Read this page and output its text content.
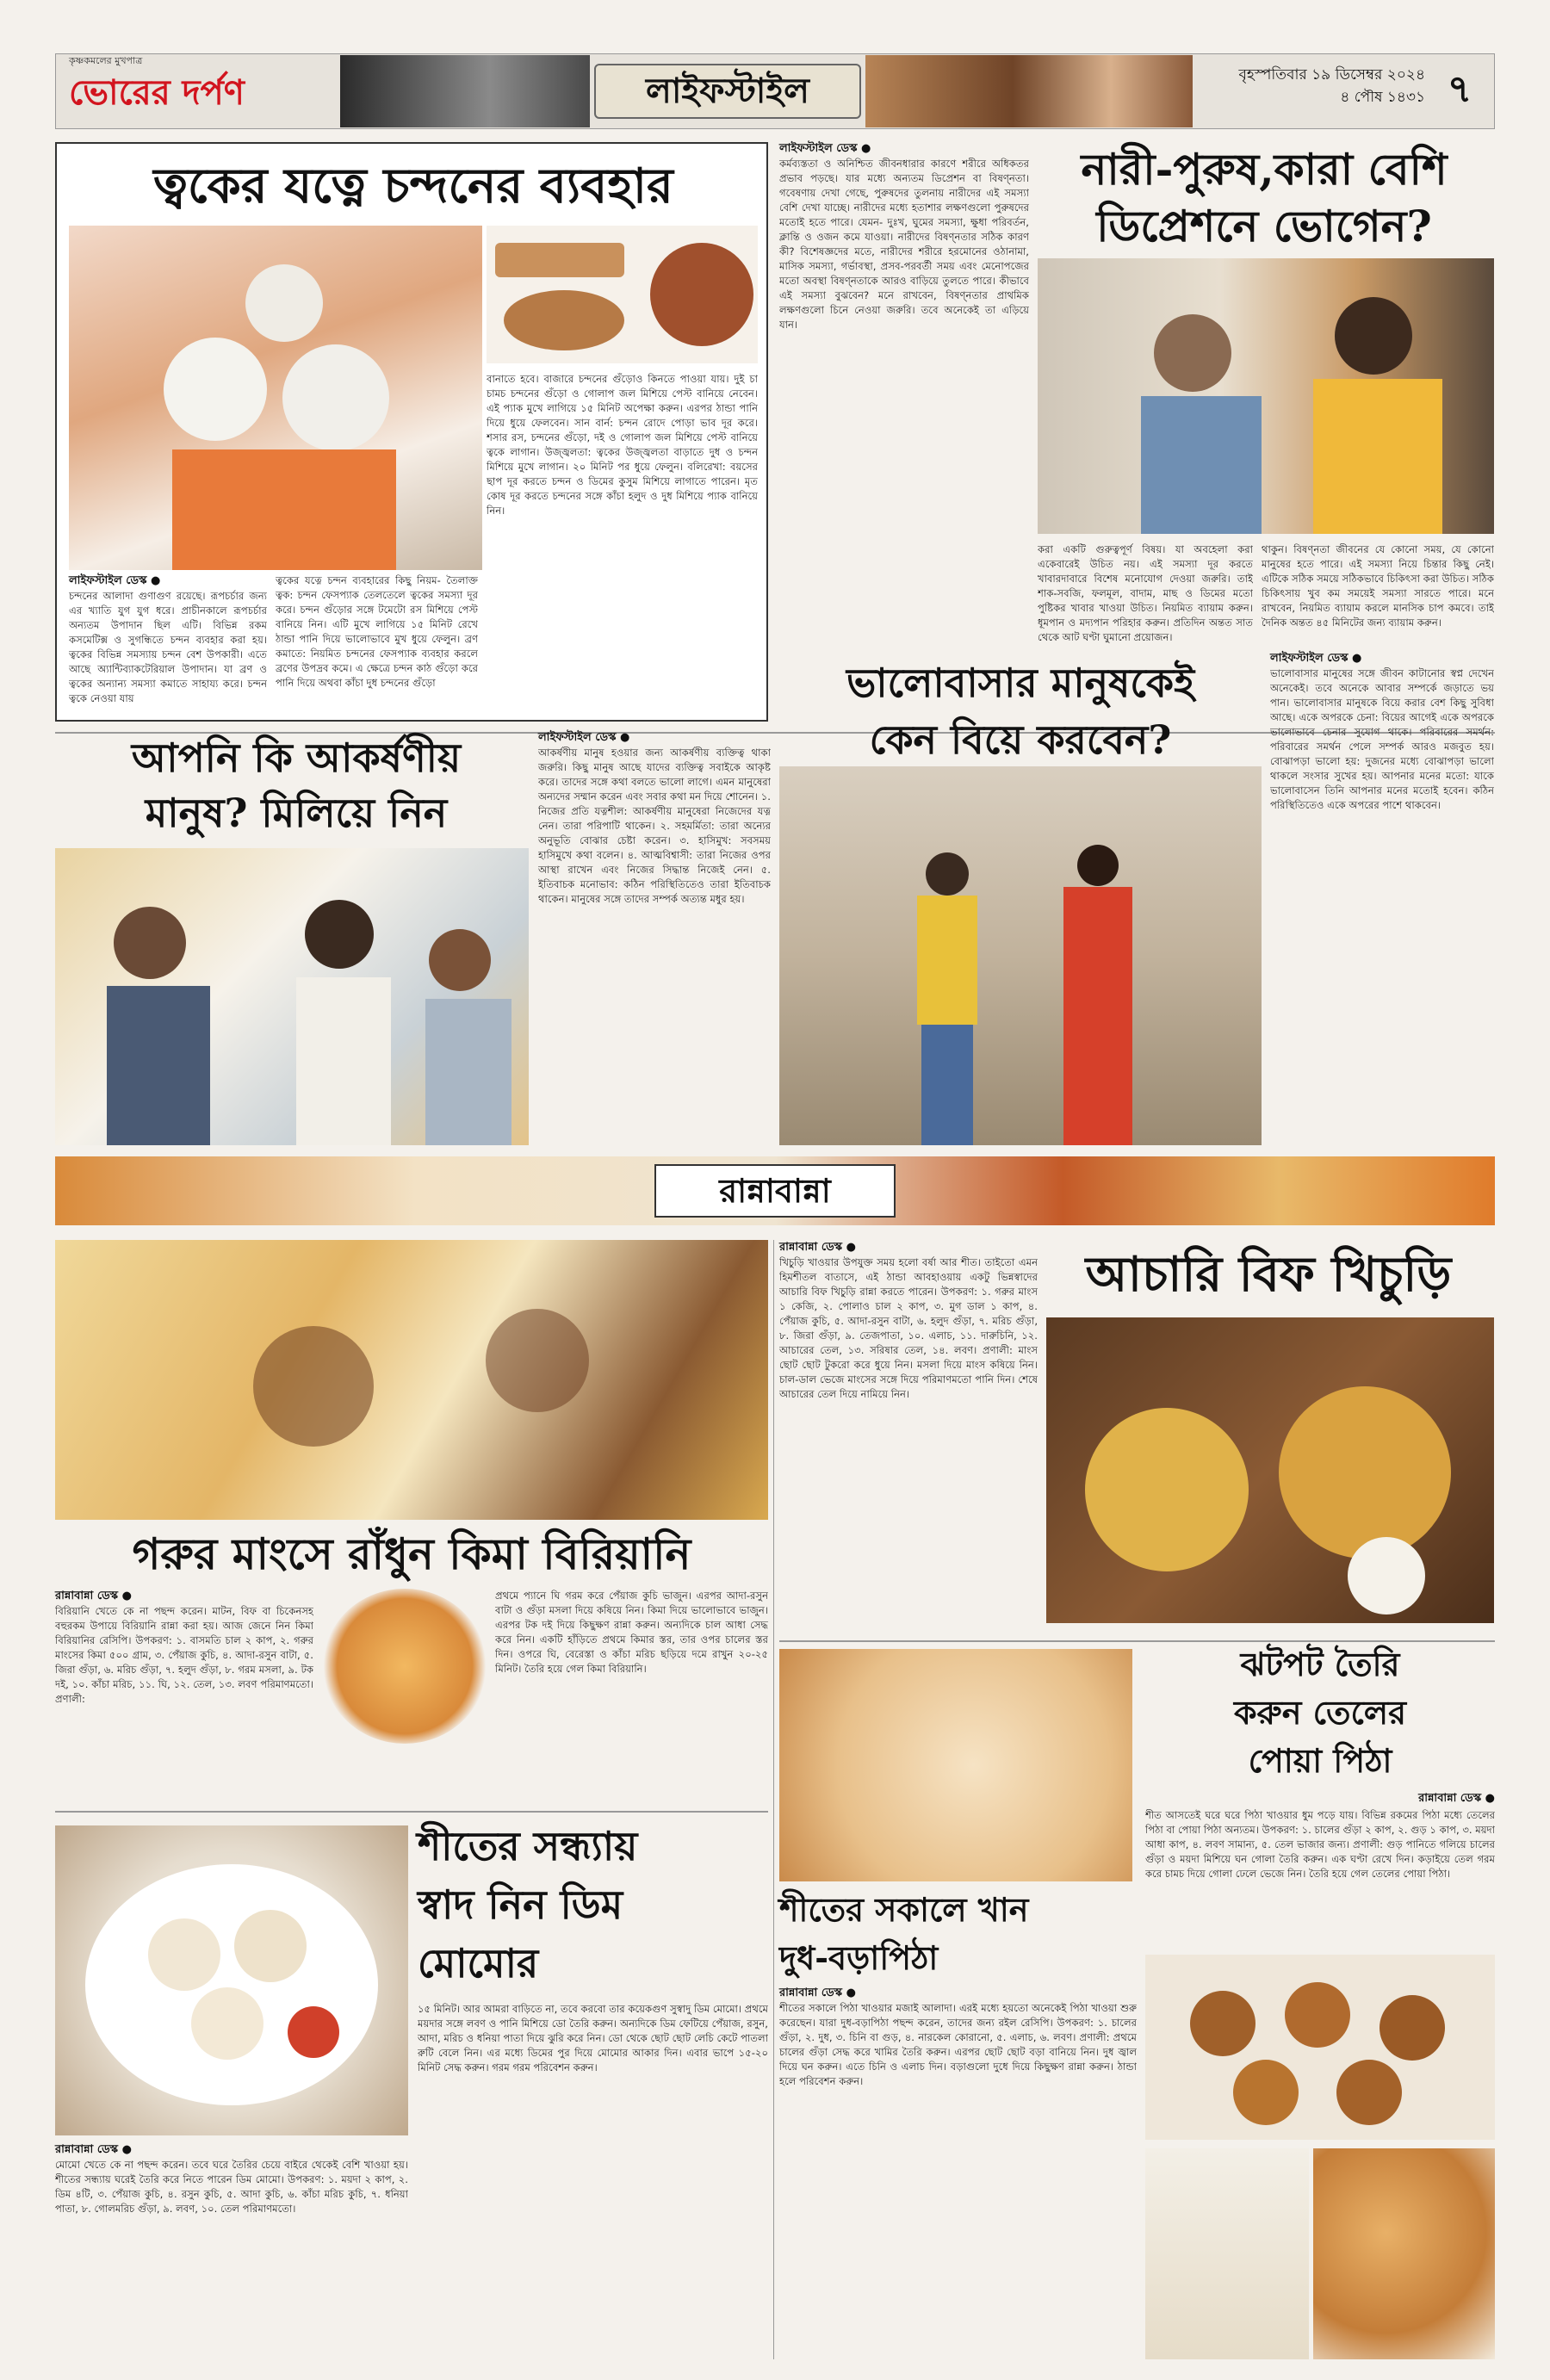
কৃষ্ণকমলের মুখপাত্র
ভোরের দর্পণ	লাইফস্টাইল	বৃহস্পতিবার ১৯ ডিসেম্বর ২০২৪
৪ পৌষ ১৪৩১ ৭
ত্বকের যত্নে চন্দনের ব্যবহার
বানাতে হবে। বাজারে চন্দনের গুঁড়োও কিনতে পাওয়া যায়। দুই চা চামচ চন্দনের গুঁড়ো ও গোলাপ জল মিশিয়ে পেস্ট বানিয়ে নেবেন। এই প্যাক মুখে লাগিয়ে ১৫ মিনিট অপেক্ষা করুন। এরপর ঠান্ডা পানি দিয়ে ধুয়ে ফেলবেন। সান বার্ন: চন্দন রোদে পোড়া ভাব দূর করে। শসার রস, চন্দনের গুঁড়ো, দই ও গোলাপ জল মিশিয়ে পেস্ট বানিয়ে ত্বকে লাগান। উজ্জ্বলতা: ত্বকের উজ্জ্বলতা বাড়াতে দুধ ও চন্দন মিশিয়ে মুখে লাগান। ২০ মিনিট পর ধুয়ে ফেলুন। বলিরেখা: বয়সের ছাপ দূর করতে চন্দন ও ডিমের কুসুম মিশিয়ে লাগাতে পারেন। মৃত কোষ দূর করতে চন্দনের সঙ্গে কাঁচা হলুদ ও দুধ মিশিয়ে প্যাক বানিয়ে নিন।
লাইফস্টাইল ডেস্ক ●
চন্দনের আলাদা গুণাগুণ রয়েছে। রূপচর্চার জন্য এর খ্যাতি যুগ যুগ ধরে। প্রাচীনকালে রূপচর্চার অন্যতম উপাদান ছিল এটি। বিভিন্ন রকম কসমেটিক্স ও সুগন্ধিতে চন্দন ব্যবহার করা হয়। ত্বকের বিভিন্ন সমস্যায় চন্দন বেশ উপকারী। এতে আছে অ্যান্টিব্যাকটেরিয়াল উপাদান। যা ব্রণ ও ত্বকের অন্যান্য সমস্যা কমাতে সাহায্য করে। চন্দন ত্বকে নেওয়া যায়
ত্বকের যত্নে চন্দন ব্যবহারের কিছু নিয়ম- তৈলাক্ত ত্বক: চন্দন ফেসপ্যাক তেলতেলে ত্বকের সমস্যা দূর করে। চন্দন গুঁড়োর সঙ্গে টমেটো রস মিশিয়ে পেস্ট বানিয়ে নিন। এটি মুখে লাগিয়ে ১৫ মিনিট রেখে ঠান্ডা পানি দিয়ে ভালোভাবে মুখ ধুয়ে ফেলুন। ব্রণ কমাতে: নিয়মিত চন্দনের ফেসপ্যাক ব্যবহার করলে ব্রণের উপদ্রব কমে। এ ক্ষেত্রে চন্দন কাঠ গুঁড়ো করে পানি দিয়ে অথবা কাঁচা দুধ চন্দনের গুঁড়ো
নারী-পুরুষ,কারা বেশি
ডিপ্রেশনে ভোগেন?
লাইফস্টাইল ডেস্ক ●
কর্মব্যস্ততা ও অনিশ্চিত জীবনধারার কারণে শরীরে অধিকতর প্রভাব পড়ছে। যার মধ্যে অন্যতম ডিপ্রেশন বা বিষণ্নতা। গবেষণায় দেখা গেছে, পুরুষদের তুলনায় নারীদের এই সমস্যা বেশি দেখা যাচ্ছে। নারীদের মধ্যে হতাশার লক্ষণগুলো পুরুষদের মতোই হতে পারে। যেমন- দুঃখ, ঘুমের সমস্যা, ক্ষুধা পরিবর্তন, ক্লান্তি ও ওজন কমে যাওয়া। নারীদের বিষণ্নতার সঠিক কারণ কী? বিশেষজ্ঞদের মতে, নারীদের শরীরে হরমোনের ওঠানামা, মাসিক সমস্যা, গর্ভাবস্থা, প্রসব-পরবর্তী সময় এবং মেনোপজের মতো অবস্থা বিষণ্নতাকে আরও বাড়িয়ে তুলতে পারে। কীভাবে এই সমস্যা বুঝবেন? মনে রাখবেন, বিষণ্নতার প্রাথমিক লক্ষণগুলো চিনে নেওয়া জরুরি। তবে অনেকেই তা এড়িয়ে যান।
করা একটি গুরুত্বপূর্ণ বিষয়। যা অবহেলা করা একেবারেই উচিত নয়। এই সমস্যা দূর করতে খাবারদাবারে বিশেষ মনোযোগ দেওয়া জরুরি। তাই শাক-সবজি, ফলমূল, বাদাম, মাছ ও ডিমের মতো পুষ্টিকর খাবার খাওয়া উচিত। নিয়মিত ব্যায়াম করুন। ধূমপান ও মদ্যপান পরিহার করুন। প্রতিদিন অন্তত সাত থেকে আট ঘণ্টা ঘুমানো প্রয়োজন।
থাকুন। বিষণ্নতা জীবনের যে কোনো সময়, যে কোনো মানুষের হতে পারে। এই সমস্যা নিয়ে চিন্তার কিছু নেই। এটিকে সঠিক সময়ে সঠিকভাবে চিকিৎসা করা উচিত। সঠিক চিকিৎসায় খুব কম সময়েই সমস্যা সারতে পারে। মনে রাখবেন, নিয়মিত ব্যায়াম করলে মানসিক চাপ কমবে। তাই দৈনিক অন্তত ৪৫ মিনিটের জন্য ব্যায়াম করুন।
আপনি কি আকর্ষণীয়
মানুষ? মিলিয়ে নিন
লাইফস্টাইল ডেস্ক ●
আকর্ষণীয় মানুষ হওয়ার জন্য আকর্ষণীয় ব্যক্তিত্ব থাকা জরুরি। কিছু মানুষ আছে যাদের ব্যক্তিত্ব সবাইকে আকৃষ্ট করে। তাদের সঙ্গে কথা বলতে ভালো লাগে। এমন মানুষেরা অন্যদের সম্মান করেন এবং সবার কথা মন দিয়ে শোনেন। ১. নিজের প্রতি যত্নশীল: আকর্ষণীয় মানুষেরা নিজেদের যত্ন নেন। তারা পরিপাটি থাকেন। ২. সহমর্মিতা: তারা অন্যের অনুভূতি বোঝার চেষ্টা করেন। ৩. হাসিমুখ: সবসময় হাসিমুখে কথা বলেন। ৪. আত্মবিশ্বাসী: তারা নিজের ওপর আস্থা রাখেন এবং নিজের সিদ্ধান্ত নিজেই নেন। ৫. ইতিবাচক মনোভাব: কঠিন পরিস্থিতিতেও তারা ইতিবাচক থাকেন। মানুষের সঙ্গে তাদের সম্পর্ক অত্যন্ত মধুর হয়।
ভালোবাসার মানুষকেই
কেন বিয়ে করবেন?
লাইফস্টাইল ডেস্ক ●
ভালোবাসার মানুষের সঙ্গে জীবন কাটানোর স্বপ্ন দেখেন অনেকেই। তবে অনেকে আবার সম্পর্কে জড়াতে ভয় পান। ভালোবাসার মানুষকে বিয়ে করার বেশ কিছু সুবিধা আছে। একে অপরকে চেনা: বিয়ের আগেই একে অপরকে ভালোভাবে চেনার সুযোগ থাকে। পরিবারের সমর্থন: পরিবারের সমর্থন পেলে সম্পর্ক আরও মজবুত হয়। বোঝাপড়া ভালো হয়: দুজনের মধ্যে বোঝাপড়া ভালো থাকলে সংসার সুখের হয়। আপনার মনের মতো: যাকে ভালোবাসেন তিনি আপনার মনের মতোই হবেন। কঠিন পরিস্থিতিতেও একে অপরের পাশে থাকবেন।
রান্নাবান্না
গরুর মাংসে রাঁধুন কিমা বিরিয়ানি
রান্নাবান্না ডেস্ক ●
বিরিয়ানি খেতে কে না পছন্দ করেন। মাটন, বিফ বা চিকেনসহ বহুরকম উপায়ে বিরিয়ানি রান্না করা হয়। আজ জেনে নিন কিমা বিরিয়ানির রেসিপি। উপকরণ: ১. বাসমতি চাল ২ কাপ, ২. গরুর মাংসের কিমা ৫০০ গ্রাম, ৩. পেঁয়াজ কুচি, ৪. আদা-রসুন বাটা, ৫. জিরা গুঁড়া, ৬. মরিচ গুঁড়া, ৭. হলুদ গুঁড়া, ৮. গরম মসলা, ৯. টক দই, ১০. কাঁচা মরিচ, ১১. ঘি, ১২. তেল, ১৩. লবণ পরিমাণমতো। প্রণালী:
প্রথমে প্যানে ঘি গরম করে পেঁয়াজ কুচি ভাজুন। এরপর আদা-রসুন বাটা ও গুঁড়া মসলা দিয়ে কষিয়ে নিন। কিমা দিয়ে ভালোভাবে ভাজুন। এরপর টক দই দিয়ে কিছুক্ষণ রান্না করুন। অন্যদিকে চাল আধা সেদ্ধ করে নিন। একটি হাঁড়িতে প্রথমে কিমার স্তর, তার ওপর চালের স্তর দিন। ওপরে ঘি, বেরেস্তা ও কাঁচা মরিচ ছড়িয়ে দমে রাখুন ২০-২৫ মিনিট। তৈরি হয়ে গেল কিমা বিরিয়ানি।
রান্নাবান্না ডেস্ক ●
খিচুড়ি খাওয়ার উপযুক্ত সময় হলো বর্ষা আর শীত। তাইতো এমন হিমশীতল বাতাসে, এই ঠান্ডা আবহাওয়ায় একটু ভিন্নস্বাদের আচারি বিফ খিচুড়ি রান্না করতে পারেন। উপকরণ: ১. গরুর মাংস ১ কেজি, ২. পোলাও চাল ২ কাপ, ৩. মুগ ডাল ১ কাপ, ৪. পেঁয়াজ কুচি, ৫. আদা-রসুন বাটা, ৬. হলুদ গুঁড়া, ৭. মরিচ গুঁড়া, ৮. জিরা গুঁড়া, ৯. তেজপাতা, ১০. এলাচ, ১১. দারুচিনি, ১২. আচারের তেল, ১৩. সরিষার তেল, ১৪. লবণ। প্রণালী: মাংস ছোট ছোট টুকরো করে ধুয়ে নিন। মসলা দিয়ে মাংস কষিয়ে নিন। চাল-ডাল ভেজে মাংসের সঙ্গে দিয়ে পরিমাণমতো পানি দিন। শেষে আচারের তেল দিয়ে নামিয়ে নিন।
আচারি বিফ খিচুড়ি
ঝটপট তৈরি
করুন তেলের
পোয়া পিঠা
রান্নাবান্না ডেস্ক ●
শীত আসতেই ঘরে ঘরে পিঠা খাওয়ার ধুম পড়ে যায়। বিভিন্ন রকমের পিঠা মধ্যে তেলের পিঠা বা পোয়া পিঠা অন্যতম। উপকরণ: ১. চালের গুঁড়া ২ কাপ, ২. গুড় ১ কাপ, ৩. ময়দা আধা কাপ, ৪. লবণ সামান্য, ৫. তেল ভাজার জন্য। প্রণালী: গুড় পানিতে গলিয়ে চালের গুঁড়া ও ময়দা মিশিয়ে ঘন গোলা তৈরি করুন। এক ঘণ্টা রেখে দিন। কড়াইয়ে তেল গরম করে চামচ দিয়ে গোলা ঢেলে ভেজে নিন। তৈরি হয়ে গেল তেলের পোয়া পিঠা।
শীতের সকালে খান
দুধ-বড়াপিঠা
রান্নাবান্না ডেস্ক ●
শীতের সকালে পিঠা খাওয়ার মজাই আলাদা। এরই মধ্যে হয়তো অনেকেই পিঠা খাওয়া শুরু করেছেন। যারা দুধ-বড়াপিঠা পছন্দ করেন, তাদের জন্য রইল রেসিপি। উপকরণ: ১. চালের গুঁড়া, ২. দুধ, ৩. চিনি বা গুড়, ৪. নারকেল কোরানো, ৫. এলাচ, ৬. লবণ। প্রণালী: প্রথমে চালের গুঁড়া সেদ্ধ করে খামির তৈরি করুন। এরপর ছোট ছোট বড়া বানিয়ে নিন। দুধ জ্বাল দিয়ে ঘন করুন। এতে চিনি ও এলাচ দিন। বড়াগুলো দুধে দিয়ে কিছুক্ষণ রান্না করুন। ঠান্ডা হলে পরিবেশন করুন।
শীতের সন্ধ্যায়
স্বাদ নিন ডিম
মোমোর
১৫ মিনিট। আর আমরা বাড়িতে না, তবে করবো তার কয়েকগুণ সুস্বাদু ডিম মোমো। প্রথমে ময়দার সঙ্গে লবণ ও পানি মিশিয়ে ডো তৈরি করুন। অন্যদিকে ডিম ফেটিয়ে পেঁয়াজ, রসুন, আদা, মরিচ ও ধনিয়া পাতা দিয়ে ঝুরি করে নিন। ডো থেকে ছোট ছোট লেচি কেটে পাতলা রুটি বেলে নিন। এর মধ্যে ডিমের পুর দিয়ে মোমোর আকার দিন। এবার ভাপে ১৫-২০ মিনিট সেদ্ধ করুন। গরম গরম পরিবেশন করুন।
রান্নাবান্না ডেস্ক ●
মোমো খেতে কে না পছন্দ করেন। তবে ঘরে তৈরির চেয়ে বাইরে থেকেই বেশি খাওয়া হয়। শীতের সন্ধ্যায় ঘরেই তৈরি করে নিতে পারেন ডিম মোমো। উপকরণ: ১. ময়দা ২ কাপ, ২. ডিম ৪টি, ৩. পেঁয়াজ কুচি, ৪. রসুন কুচি, ৫. আদা কুচি, ৬. কাঁচা মরিচ কুচি, ৭. ধনিয়া পাতা, ৮. গোলমরিচ গুঁড়া, ৯. লবণ, ১০. তেল পরিমাণমতো।
